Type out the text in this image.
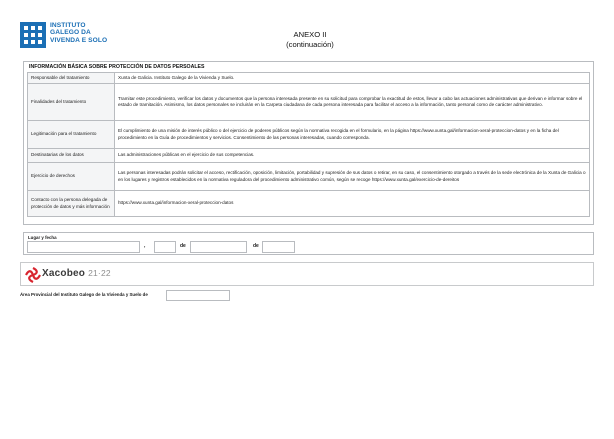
INSTITUTO
GALEGO DA
VIVENDA E SOLO
ANEXO II
(continuación)
INFORMACIÓN BÁSICA SOBRE PROTECCIÓN DE DATOS PERSOALES
Responsable del tratamiento	Xunta de Galicia. Instituto Galego de la Vivienda y Suelo.
Finalidades del tratamiento	Tramitar este procedimiento, verificar los datos y documentos que la persona interesada presente en su solicitud para comprobar la exactitud de estos, llevar a cabo las actuaciones administrativas que derivan e informar sobre el estado de tramitación. Asimismo, los datos personales se incluirán en la Carpeta ciudadana de cada persona interesada para facilitar el acceso a la información, tanto personal como de carácter administrativo.
Legitimación para el tratamiento	El cumplimiento de una misión de interés público o del ejercicio de poderes públicos según la normativa recogida en el formulario, en la página https://www.xunta.gal/informacion-xeral-proteccion-datos y en la ficha del procedimiento en la Guía de procedimientos y servicios. Consentimiento de las personas interesadas, cuando corresponda.
Destinatarias de los datos	Las administraciones públicas en el ejercicio de sus competencias.
Ejercicio de derechos	Las personas interesadas podrán solicitar el acceso, rectificación, oposición, limitación, portabilidad y supresión de sus datos o retirar, en su caso, el consentimiento otorgado a través de la sede electrónica de la Xunta de Galicia o en los lugares y registros establecidos en la normativa reguladora del procedimiento administrativo común, según se recoge https://www.xunta.gal/exercicio-de-dereitos
Contacto con la persona delegada de protección de datos y más información	https://www.xunta.gal/informacion-xeral-proteccion-datos
Lugar y fecha
,	de	de
Xacobeo 21·22
Área Provincial del Instituto Galego de la Vivienda y Suelo de
